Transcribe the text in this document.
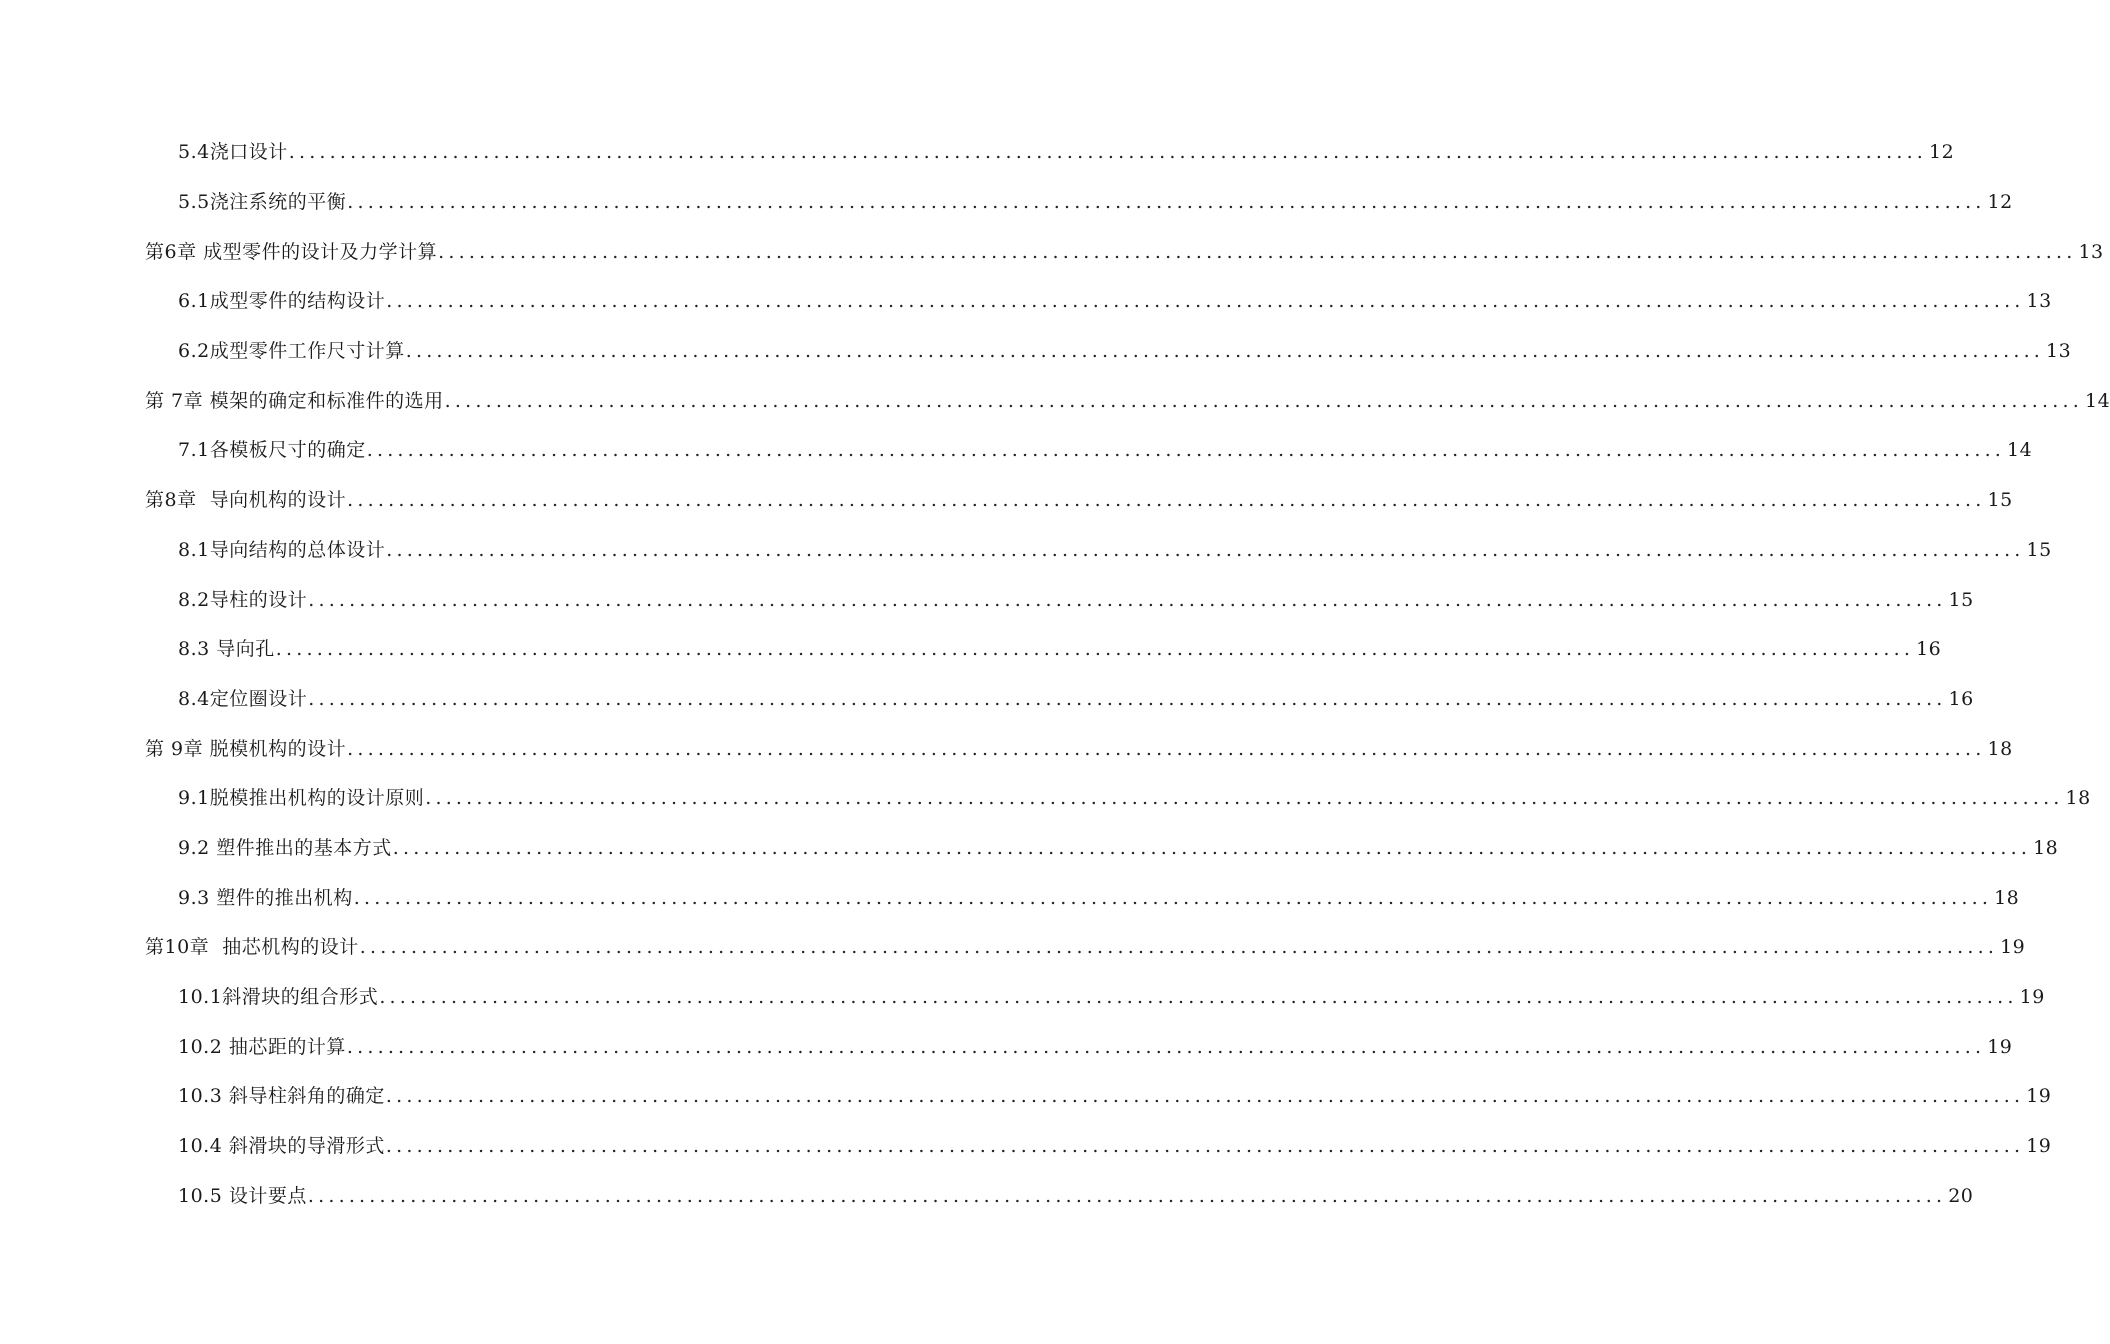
5.4浇口设计 ................................................................................................................................................................ 12
5.5浇注系统的平衡 ................................................................................................................................................................ 12
第6章 成型零件的设计及力学计算 ................................................................................................................................................................ 13
6.1成型零件的结构设计 ................................................................................................................................................................ 13
6.2成型零件工作尺寸计算 ................................................................................................................................................................ 13
第 7章 模架的确定和标准件的选用 ................................................................................................................................................................ 14
7.1各模板尺寸的确定 ................................................................................................................................................................ 14
第8章  导向机构的设计 ................................................................................................................................................................ 15
8.1导向结构的总体设计 ................................................................................................................................................................ 15
8.2导柱的设计 ................................................................................................................................................................ 15
8.3 导向孔 ................................................................................................................................................................ 16
8.4定位圈设计 ................................................................................................................................................................ 16
第 9章 脱模机构的设计 ................................................................................................................................................................ 18
9.1脱模推出机构的设计原则 ................................................................................................................................................................ 18
9.2 塑件推出的基本方式 ................................................................................................................................................................ 18
9.3 塑件的推出机构 ................................................................................................................................................................ 18
第10章  抽芯机构的设计 ................................................................................................................................................................ 19
10.1斜滑块的组合形式 ................................................................................................................................................................ 19
10.2 抽芯距的计算 ................................................................................................................................................................ 19
10.3 斜导柱斜角的确定 ................................................................................................................................................................ 19
10.4 斜滑块的导滑形式 ................................................................................................................................................................ 19
10.5 设计要点 ................................................................................................................................................................ 20
